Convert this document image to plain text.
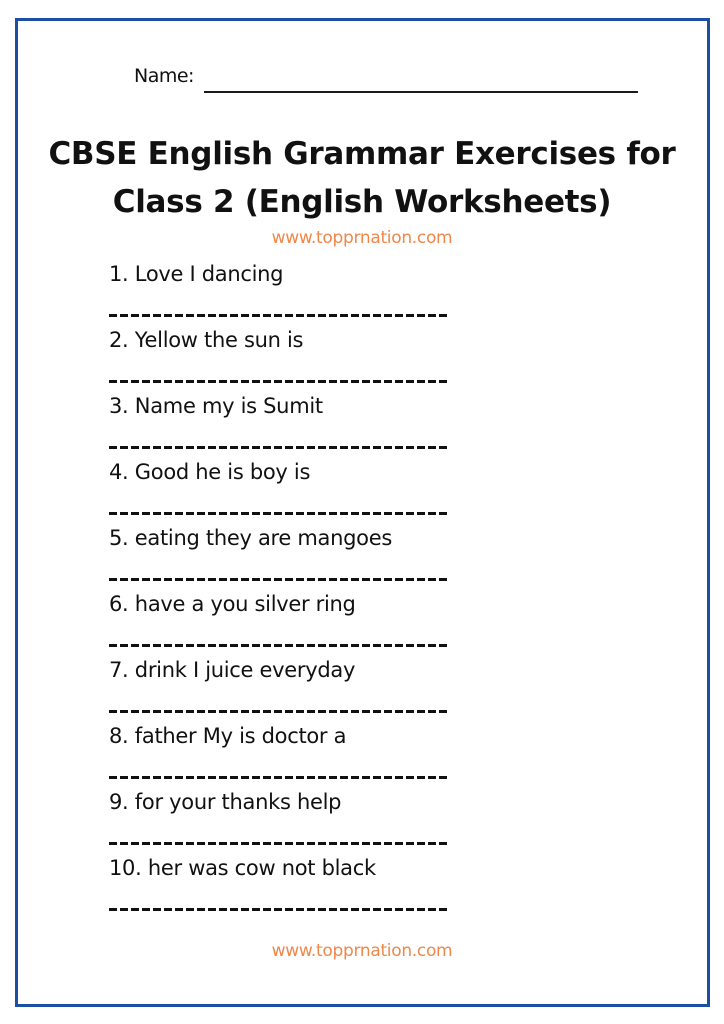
Name:
CBSE English Grammar Exercises for
Class 2 (English Worksheets)
www.topprnation.com
1. Love I dancing
2. Yellow the sun is
3. Name my is Sumit
4. Good he is boy is
5. eating they are mangoes
6. have a you silver ring
7. drink I juice everyday
8. father My is doctor a
9. for your thanks help
10. her was cow not black
www.topprnation.com
